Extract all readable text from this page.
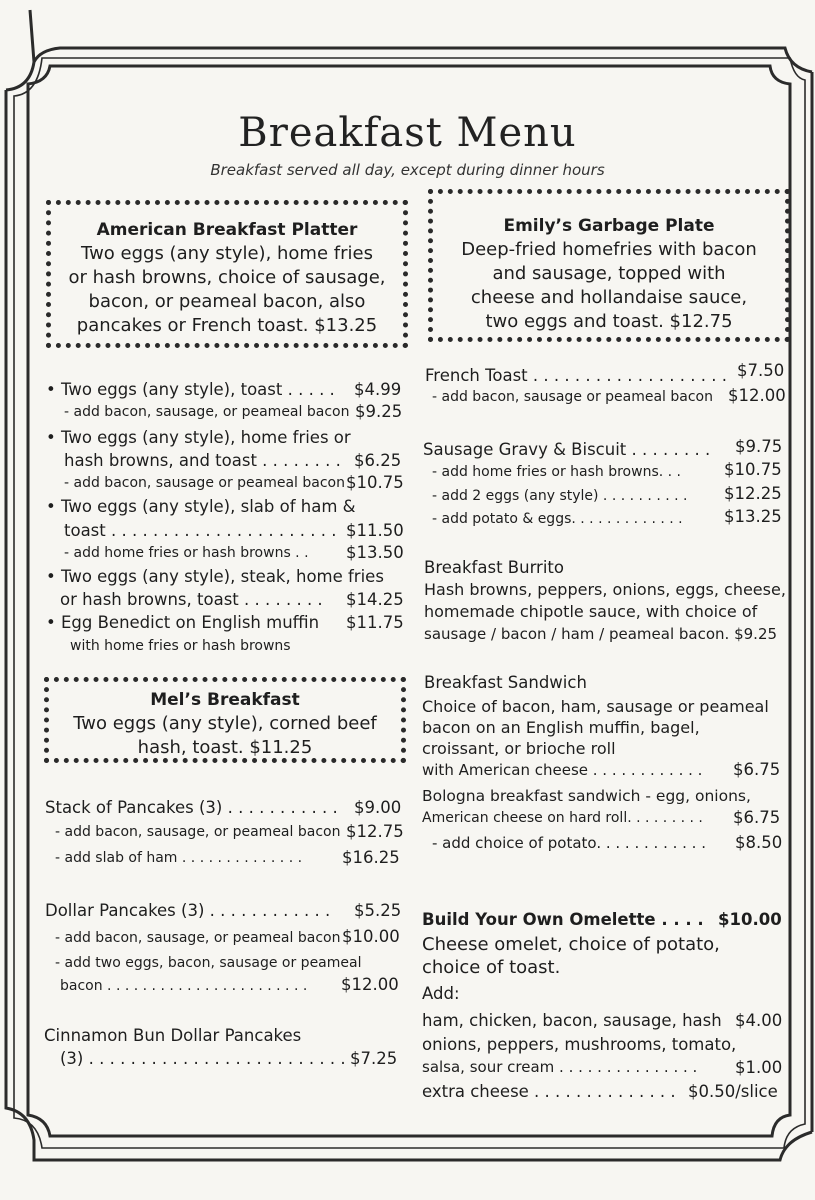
Breakfast Menu
Breakfast served all day, except during dinner hours
American Breakfast Platter
Two eggs (any style), home fries
or hash browns, choice of sausage,
bacon, or peameal bacon, also
pancakes or French toast. $13.25
Emily’s Garbage Plate
Deep-fried homefries with bacon
and sausage, topped with
cheese and hollandaise sauce,
two eggs and toast. $12.75
Mel’s Breakfast
Two eggs (any style), corned beef
hash, toast. $11.25
• Two eggs (any style), toast . . . . . $4.99
- add bacon, sausage, or peameal bacon $9.25
• Two eggs (any style), home fries or
hash browns, and toast . . . . . . . . $6.25
- add bacon, sausage or peameal bacon $10.75
• Two eggs (any style), slab of ham &
toast . . . . . . . . . . . . . . . . . . . . . . $11.50
- add home fries or hash browns . . $13.50
• Two eggs (any style), steak, home fries
or hash browns, toast . . . . . . . . $14.25
• Egg Benedict on English muffin $11.75
with home fries or hash browns
Stack of Pancakes (3) . . . . . . . . . . . $9.00
- add bacon, sausage, or peameal bacon $12.75
- add slab of ham . . . . . . . . . . . . . . $16.25
Dollar Pancakes (3) . . . . . . . . . . . . $5.25
- add bacon, sausage, or peameal bacon $10.00
- add two eggs, bacon, sausage or peameal
bacon . . . . . . . . . . . . . . . . . . . . . . . $12.00
Cinnamon Bun Dollar Pancakes
(3) . . . . . . . . . . . . . . . . . . . . . . . . . $7.25
French Toast . . . . . . . . . . . . . . . . . . . $7.50
- add bacon, sausage or peameal bacon $12.00
Sausage Gravy & Biscuit . . . . . . . . $9.75
- add home fries or hash browns. . .	$10.75
- add 2 eggs (any style) . . . . . . . . . . $12.25
- add potato & eggs. . . . . . . . . . . . .	$13.25
Breakfast Burrito
Hash browns, peppers, onions, eggs, cheese,
homemade chipotle sauce, with choice of
sausage / bacon / ham / peameal bacon. $9.25
Breakfast Sandwich
Choice of bacon, ham, sausage or peameal
bacon on an English muffin, bagel,
croissant, or brioche roll
with American cheese . . . . . . . . . . . . $6.75
Bologna breakfast sandwich - egg, onions,
American cheese on hard roll. . . . . . . . . $6.75
- add choice of potato. . . . . . . . . . . . $8.50
Build Your Own Omelette . . . . $10.00
Cheese omelet, choice of potato,
choice of toast.
Add:
ham, chicken, bacon, sausage, hash $4.00
onions, peppers, mushrooms, tomato,
salsa, sour cream . . . . . . . . . . . . . . . $1.00
extra cheese . . . . . . . . . . . . . . $0.50/slice
